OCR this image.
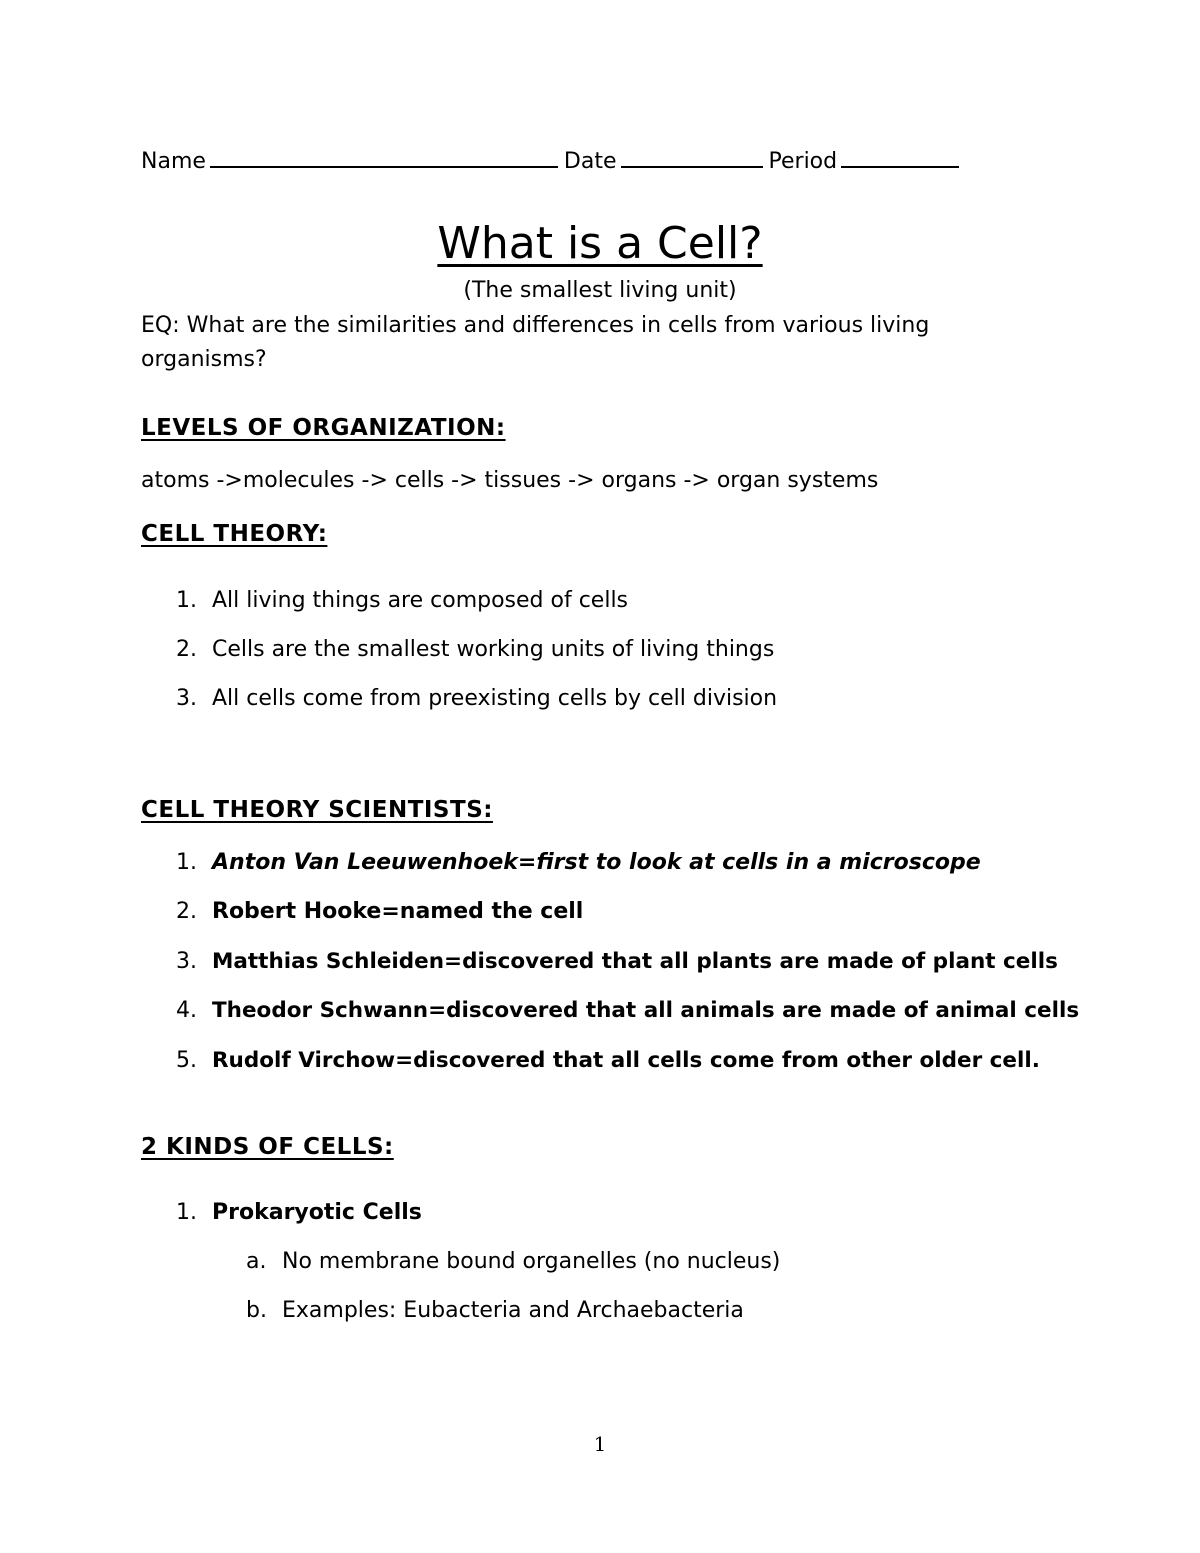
Name	Date	Period
What is a Cell?
(The smallest living unit)
EQ: What are the similarities and differences in cells from various living
organisms?
LEVELS OF ORGANIZATION:
atoms ->molecules -> cells -> tissues -> organs -> organ systems
CELL THEORY:
1. All living things are composed of cells
2. Cells are the smallest working units of living things
3. All cells come from preexisting cells by cell division
CELL THEORY SCIENTISTS:
1. Anton Van Leeuwenhoek=first to look at cells in a microscope
2. Robert Hooke=named the cell
3. Matthias Schleiden=discovered that all plants are made of plant cells
4. Theodor Schwann=discovered that all animals are made of animal cells
5. Rudolf Virchow=discovered that all cells come from other older cell.
2 KINDS OF CELLS:
1. Prokaryotic Cells
a. No membrane bound organelles (no nucleus)
b. Examples: Eubacteria and Archaebacteria
1
